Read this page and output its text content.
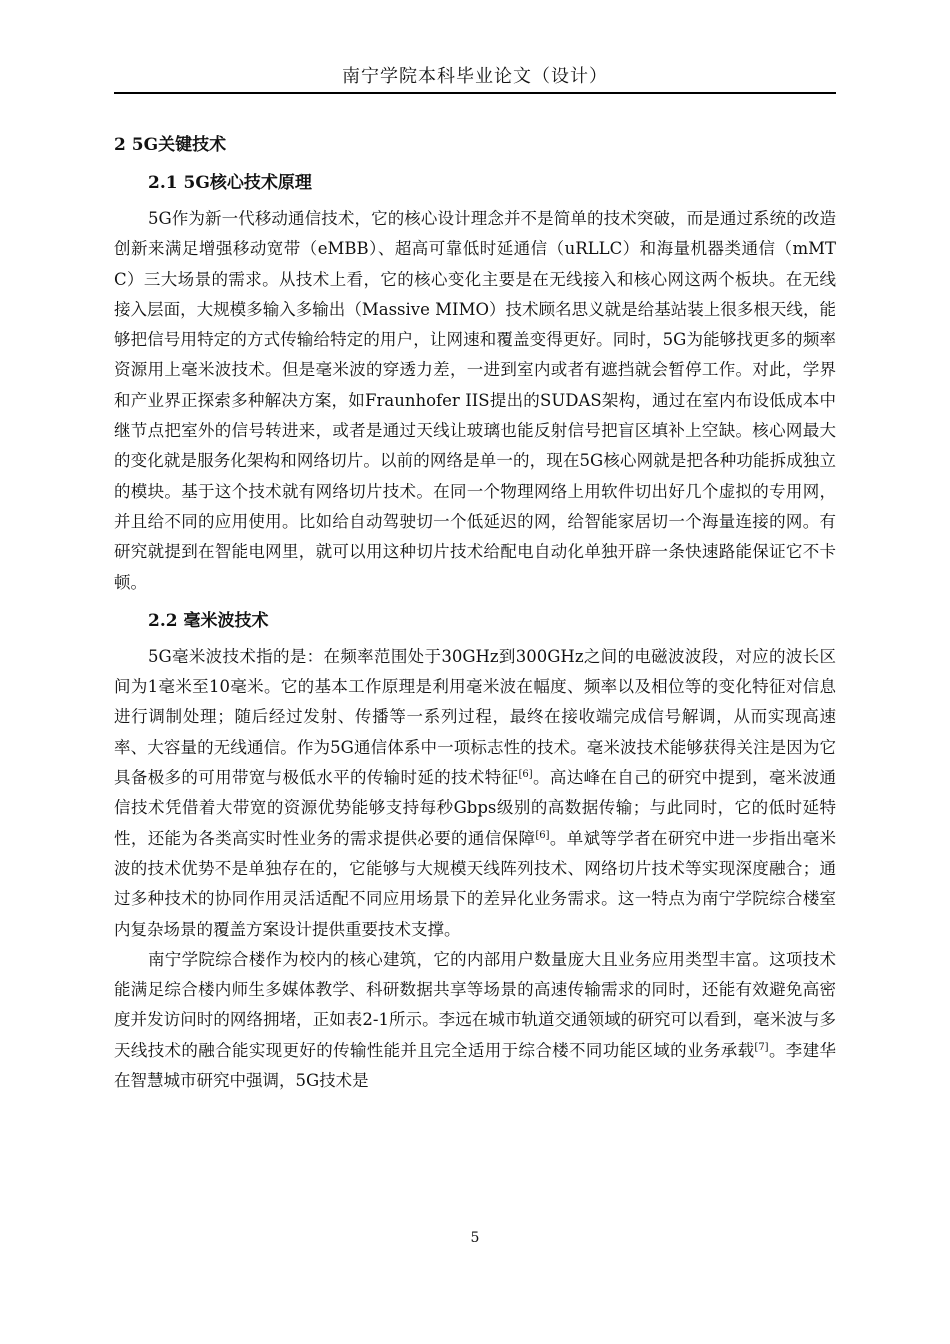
南宁学院本科毕业论文（设计）
2 5G关键技术
2.1 5G核心技术原理

5G作为新一代移动通信技术，它的核心设计理念并不是简单的技术突破，而是通过系统的改造创新来满足增强移动宽带（eMBB）、超高可靠低时延通信（uRLLC）和海量机器类通信（mMTC）三大场景的需求。从技术上看，它的核心变化主要是在无线接入和核心网这两个板块。在无线接入层面，大规模多输入多输出（Massive MIMO）技术顾名思义就是给基站装上很多根天线，能够把信号用特定的方式传输给特定的用户，让网速和覆盖变得更好。同时，5G为能够找更多的频率资源用上毫米波技术。但是毫米波的穿透力差，一进到室内或者有遮挡就会暂停工作。对此，学界和产业界正探索多种解决方案，如Fraunhofer IIS提出的SUDAS架构，通过在室内布设低成本中继节点把室外的信号转进来，或者是通过天线让玻璃也能反射信号把盲区填补上空缺。核心网最大的变化就是服务化架构和网络切片。以前的网络是单一的，现在5G核心网就是把各种功能拆成独立的模块。基于这个技术就有网络切片技术。在同一个物理网络上用软件切出好几个虚拟的专用网，并且给不同的应用使用。比如给自动驾驶切一个低延迟的网，给智能家居切一个海量连接的网。有研究就提到在智能电网里，就可以用这种切片技术给配电自动化单独开辟一条快速路能保证它不卡顿。

2.2 毫米波技术

5G毫米波技术指的是：在频率范围处于30GHz到300GHz之间的电磁波波段，对应的波长区间为1毫米至10毫米。它的基本工作原理是利用毫米波在幅度、频率以及相位等的变化特征对信息进行调制处理；随后经过发射、传播等一系列过程，最终在接收端完成信号解调，从而实现高速率、大容量的无线通信。作为5G通信体系中一项标志性的技术。毫米波技术能够获得关注是因为它具备极多的可用带宽与极低水平的传输时延的技术特征[6]。高达峰在自己的研究中提到，毫米波通信技术凭借着大带宽的资源优势能够支持每秒Gbps级别的高数据传输；与此同时，它的低时延特性，还能为各类高实时性业务的需求提供必要的通信保障[6]。单斌等学者在研究中进一步指出毫米波的技术优势不是单独存在的，它能够与大规模天线阵列技术、网络切片技术等实现深度融合；通过多种技术的协同作用灵活适配不同应用场景下的差异化业务需求。这一特点为南宁学院综合楼室内复杂场景的覆盖方案设计提供重要技术支撑。

南宁学院综合楼作为校内的核心建筑，它的内部用户数量庞大且业务应用类型丰富。这项技术能满足综合楼内师生多媒体教学、科研数据共享等场景的高速传输需求的同时，还能有效避免高密度并发访问时的网络拥堵，正如表2-1所示。李远在城市轨道交通领域的研究可以看到，毫米波与多天线技术的融合能实现更好的传输性能并且完全适用于综合楼不同功能区域的业务承载[7]。李建华在智慧城市研究中强调，5G技术是

5
